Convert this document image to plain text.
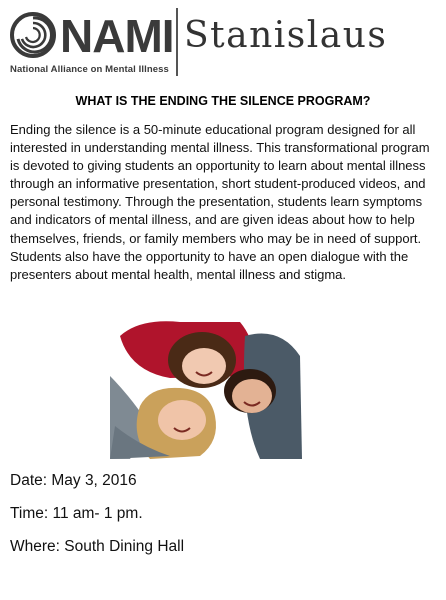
NAMI
National Alliance on Mental Illness
Stanislaus
WHAT IS THE ENDING THE SILENCE PROGRAM?

Ending the silence is a 50-minute educational program designed for all interested in understanding mental illness. This transformational program is devoted to giving students an opportunity to learn about mental illness through an informative presentation, short student-produced videos, and personal testimony. Through the presentation, students learn symptoms and indicators of mental illness, and are given ideas about how to help themselves, friends, or family members who may be in need of support. Students also have the opportunity to have an open dialogue with the presenters about mental health, mental illness and stigma.

Date: May 3, 2016
Time: 11 am- 1 pm.
Where: South Dining Hall
